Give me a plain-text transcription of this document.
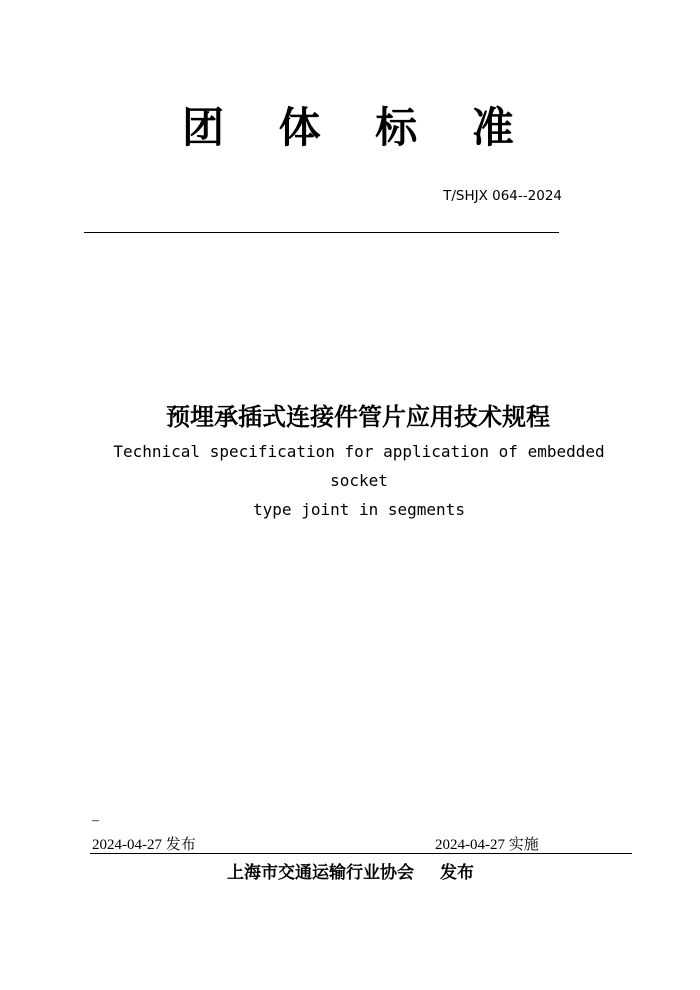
团 体 标 准
T/SHJX 064--2024
预埋承插式连接件管片应用技术规程
Technical specification for application of embedded socket
type joint in segments
–
2024-04-27 发布	2024-04-27 实施
上海市交通运输行业协会 发布
